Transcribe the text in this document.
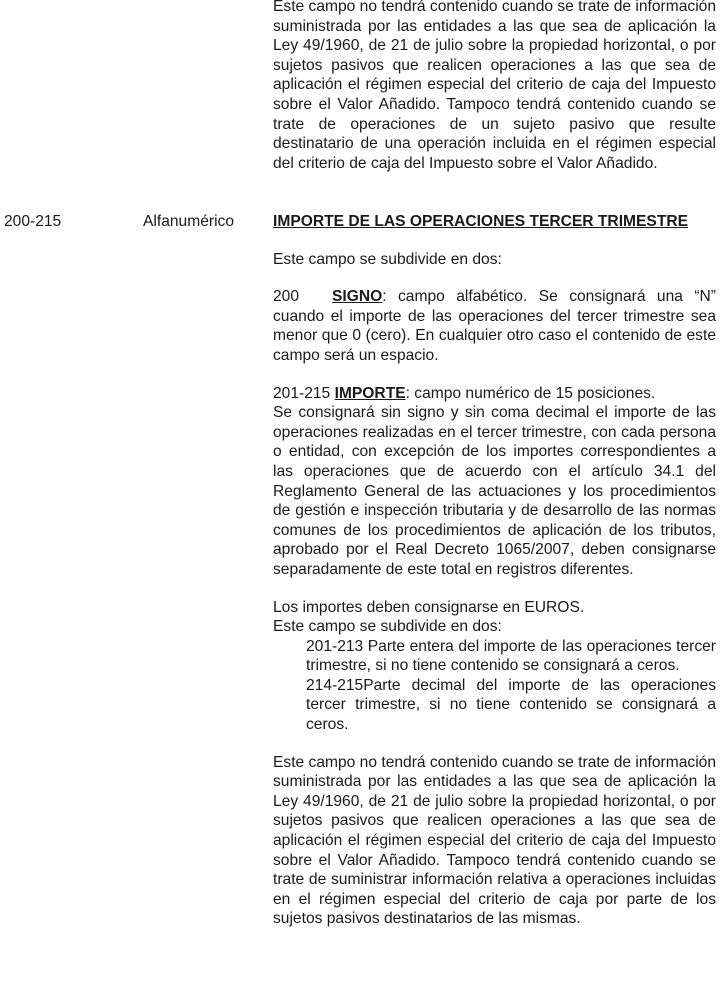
Este campo no tendrá contenido cuando se trate de información suministrada por las entidades a las que sea de aplicación la Ley 49/1960, de 21 de julio sobre la propiedad horizontal, o por sujetos pasivos que realicen operaciones a las que sea de aplicación el régimen especial del criterio de caja del Impuesto sobre el Valor Añadido. Tampoco tendrá contenido cuando se trate de operaciones de un sujeto pasivo que resulte destinatario de una operación incluida en el régimen especial del criterio de caja del Impuesto sobre el Valor Añadido.

200-215	Alfanumérico IMPORTE DE LAS OPERACIONES TERCER TRIMESTRE

Este campo se subdivide en dos:

200 SIGNO: campo alfabético. Se consignará una “N” cuando el importe de las operaciones del tercer trimestre sea menor que 0 (cero). En cualquier otro caso el contenido de este campo será un espacio.

201-215 IMPORTE: campo numérico de 15 posiciones.

Se consignará sin signo y sin coma decimal el importe de las operaciones realizadas en el tercer trimestre, con cada persona o entidad, con excepción de los importes correspondientes a las operaciones que de acuerdo con el artículo 34.1 del Reglamento General de las actuaciones y los procedimientos de gestión e inspección tributaria y de desarrollo de las normas comunes de los procedimientos de aplicación de los tributos, aprobado por el Real Decreto 1065/2007, deben consignarse separadamente de este total en registros diferentes.

Los importes deben consignarse en EUROS.

Este campo se subdivide en dos:

201-213 Parte entera del importe de las operaciones tercer trimestre, si no tiene contenido se consignará a ceros.

214-215Parte decimal del importe de las operaciones tercer trimestre, si no tiene contenido se consignará a ceros.

Este campo no tendrá contenido cuando se trate de información suministrada por las entidades a las que sea de aplicación la Ley 49/1960, de 21 de julio sobre la propiedad horizontal, o por sujetos pasivos que realicen operaciones a las que sea de aplicación el régimen especial del criterio de caja del Impuesto sobre el Valor Añadido. Tampoco tendrá contenido cuando se trate de suministrar información relativa a operaciones incluidas en el régimen especial del criterio de caja por parte de los sujetos pasivos destinatarios de las mismas.
